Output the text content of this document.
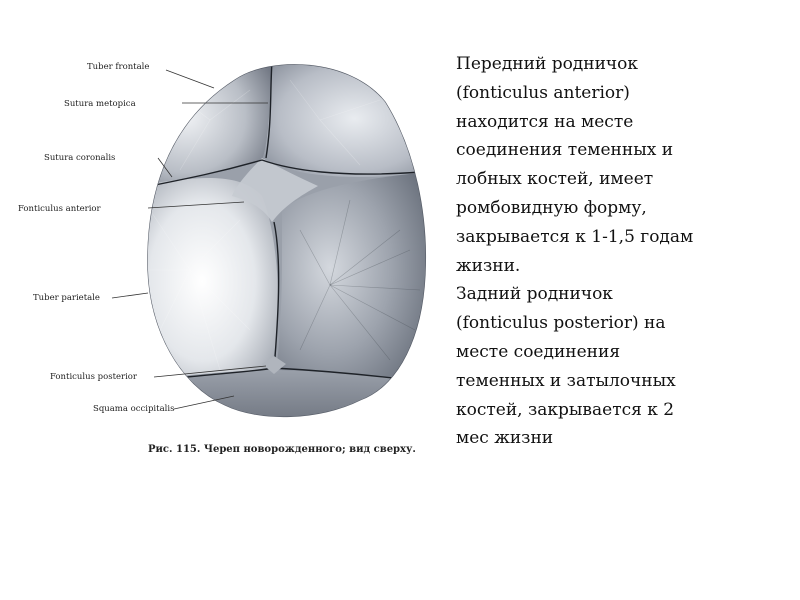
Tuber frontale
Sutura metopica
Sutura coronalis
Fonticulus anterior
Tuber parietale
Fonticulus posterior
Squama occipitalis
Рис. 115. Череп новорожденного; вид сверху.

Передний родничок

(fonticulus anterior)

находится на месте

соединения теменных и

лобных костей, имеет

ромбовидную форму,

закрывается к 1-1,5 годам

жизни.

Задний родничок

(fonticulus posterior) на

месте соединения

теменных и затылочных

костей, закрывается к 2

мес жизни
